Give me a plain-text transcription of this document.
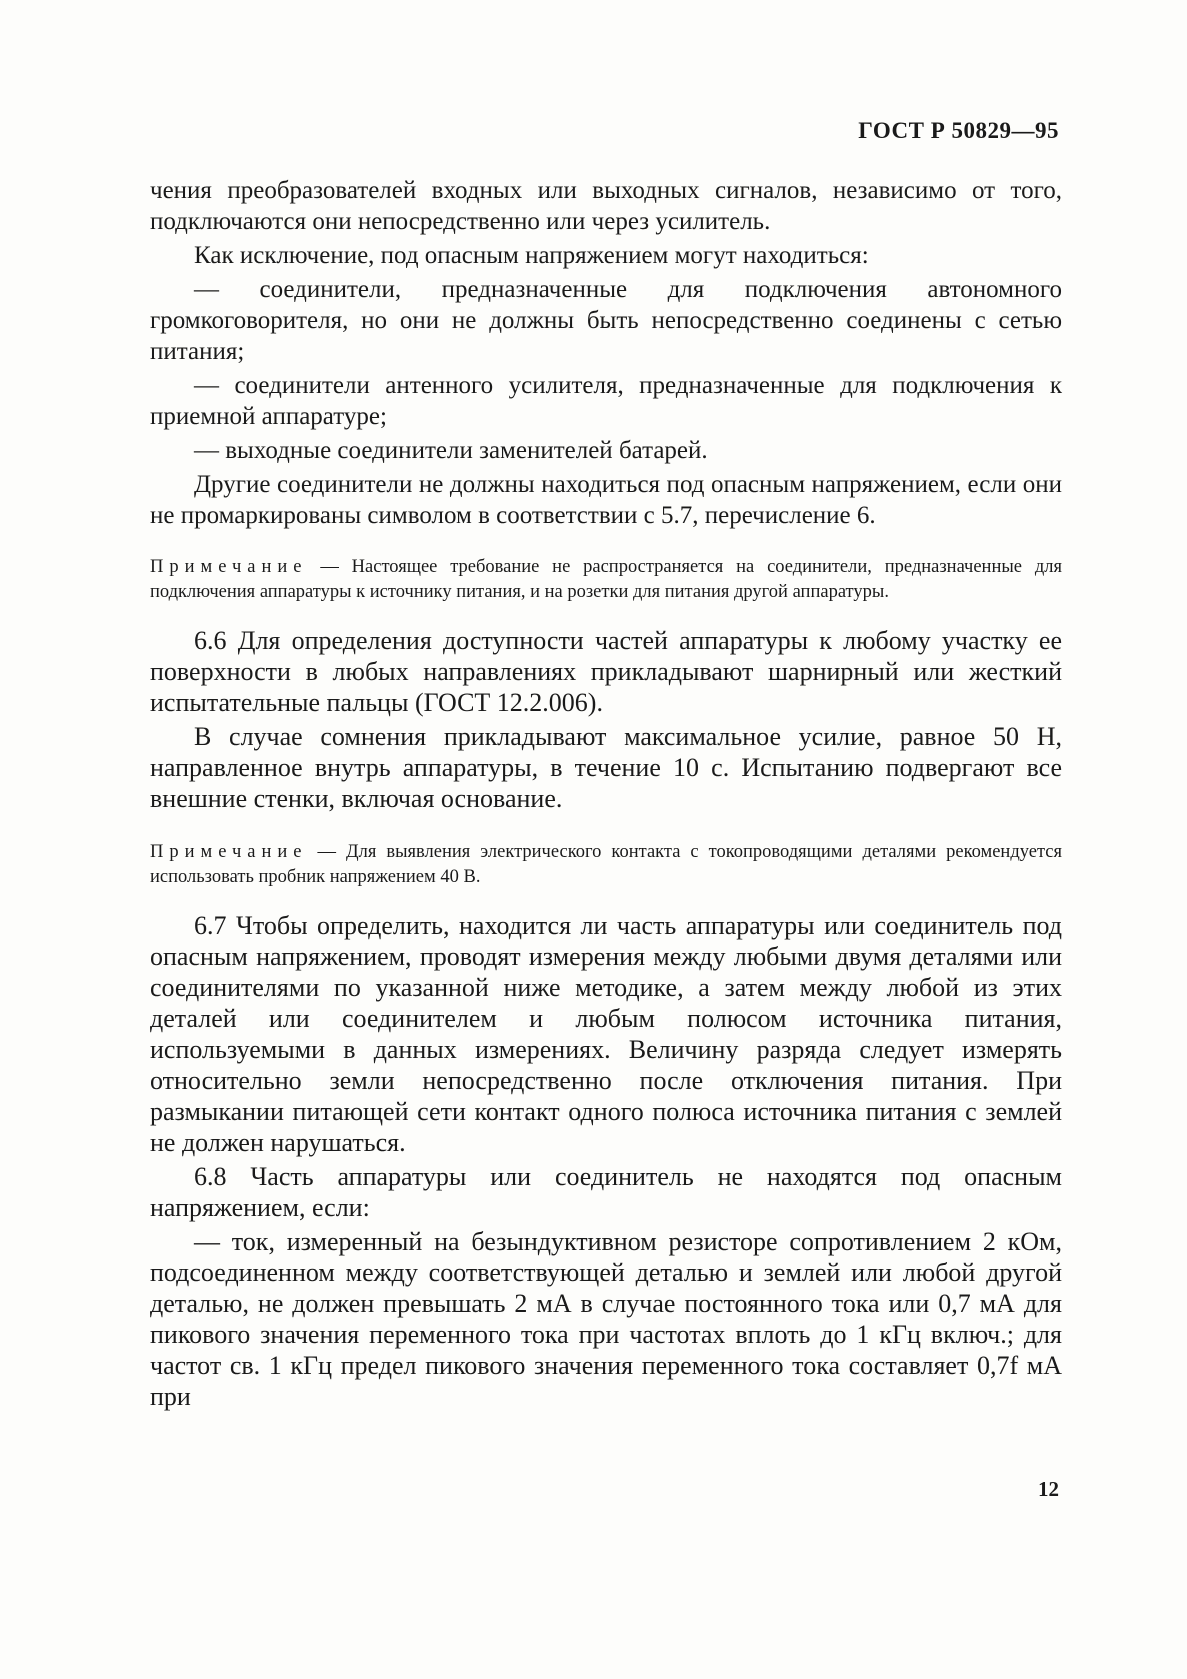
ГОСТ Р 50829—95

чения преобразователей входных или выходных сигналов, независимо от того, подключаются они непосредственно или через усилитель.

Как исключение, под опасным напряжением могут находиться:

— соединители, предназначенные для подключения автономного громкоговорителя, но они не должны быть непосредственно соединены с сетью питания;

— соединители антенного усилителя, предназначенные для подключения к приемной аппаратуре;

— выходные соединители заменителей батарей.

Другие соединители не должны находиться под опасным напряжением, если они не промаркированы символом в соответствии с 5.7, перечисление 6.

Примечание — Настоящее требование не распространяется на соединители, предназначенные для подключения аппаратуры к источнику питания, и на розетки для питания другой аппаратуры.

6.6 Для определения доступности частей аппаратуры к любому участку ее поверхности в любых направлениях прикладывают шарнирный или жесткий испытательные пальцы (ГОСТ 12.2.006).

В случае сомнения прикладывают максимальное усилие, равное 50 Н, направленное внутрь аппаратуры, в течение 10 с. Испытанию подвергают все внешние стенки, включая основание.

Примечание — Для выявления электрического контакта с токопроводящими деталями рекомендуется использовать пробник напряжением 40 В.

6.7 Чтобы определить, находится ли часть аппаратуры или соединитель под опасным напряжением, проводят измерения между любыми двумя деталями или соединителями по указанной ниже методике, а затем между любой из этих деталей или соединителем и любым полюсом источника питания, используемыми в данных измерениях. Величину разряда следует измерять относительно земли непосредственно после отключения питания. При размыкании питающей сети контакт одного полюса источника питания с землей не должен нарушаться.

6.8 Часть аппаратуры или соединитель не находятся под опасным напряжением, если:

— ток, измеренный на безындуктивном резисторе сопротивлением 2 кОм, подсоединенном между соответствующей деталью и землей или любой другой деталью, не должен превышать 2 мА в случае постоянного тока или 0,7 мА для пикового значения переменного тока при частотах вплоть до 1 кГц включ.; для частот св. 1 кГц предел пикового значения переменного тока составляет 0,7f мА при

12
